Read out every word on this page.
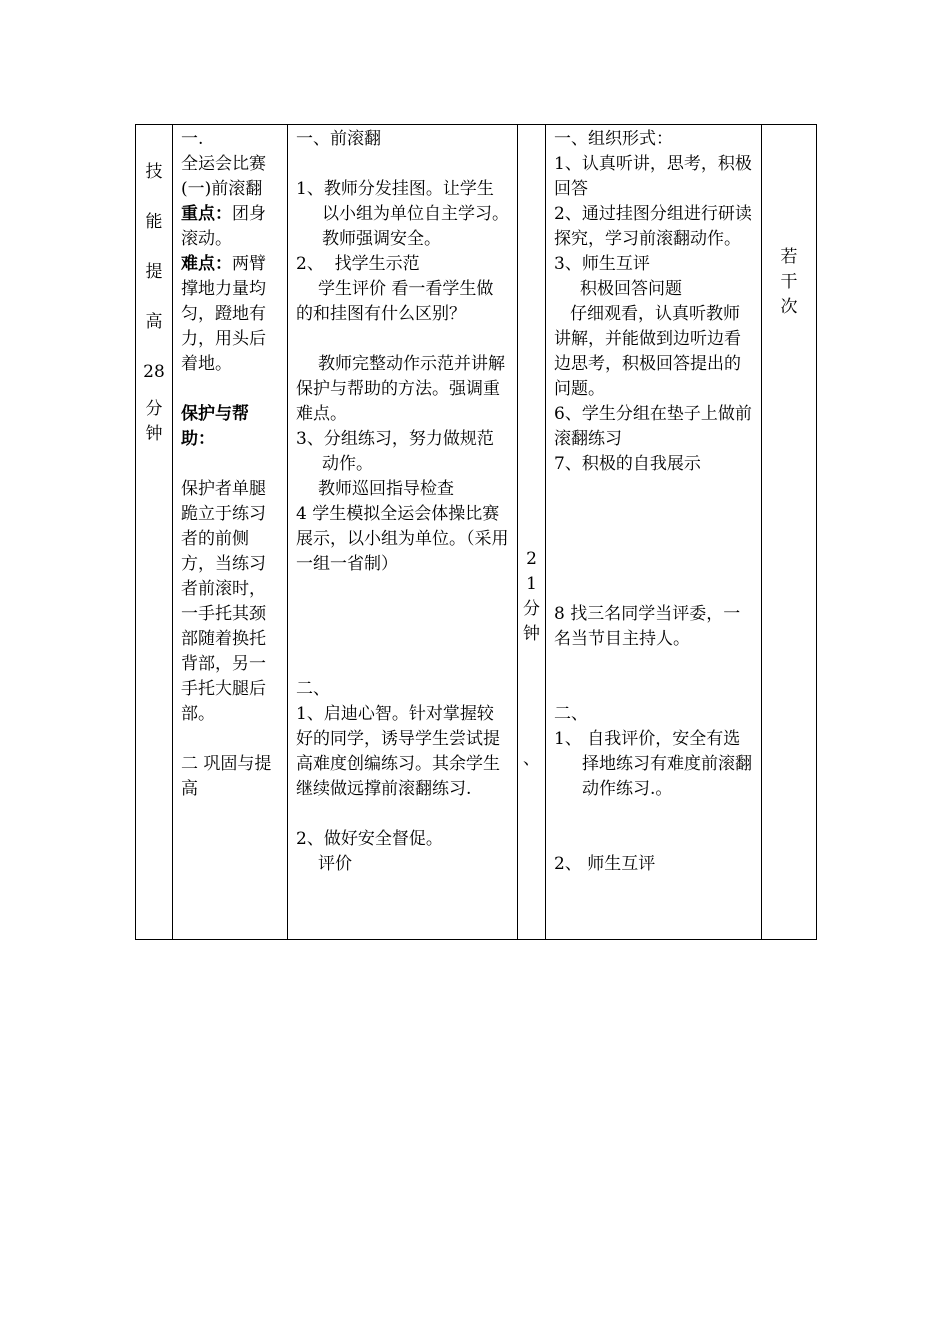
技
能
提
高
28
分
钟

一.
全运会比赛
(一)前滚翻
重点：团身滚动。
难点：两臂撑地力量均匀，蹬地有力，用头后着地。
保护与帮助：
保护者单腿跪立于练习者的前侧方，当练习者前滚时，一手托其颈部随着换托背部，另一手托大腿后部。
二 巩固与提高

一、前滚翻
1、教师分发挂图。让学生
以小组为单位自主学习。教师强调安全。
2、  找学生示范
学生评价 看一看学生做的和挂图有什么区别？
教师完整动作示范并讲解保护与帮助的方法。强调重难点。
3、分组练习，努力做规范
动作。
教师巡回指导检查
4 学生模拟全运会体操比赛展示，以小组为单位。（采用一组一省制）
二、
1、启迪心智。针对掌握较好的同学，诱导学生尝试提高难度创编练习。其余学生继续做远撑前滚翻练习.
2、做好安全督促。
评价

2
1
分
钟
、

一、组织形式：
1、认真听讲，思考，积极回答
2、通过挂图分组进行研读探究，学习前滚翻动作。
3、师生互评
积极回答问题
仔细观看，认真听教师讲解，并能做到边听边看边思考，积极回答提出的问题。
6、学生分组在垫子上做前滚翻练习
7、积极的自我展示
8 找三名同学当评委，一名当节目主持人。
二、
1、 自我评价，安全有选
择地练习有难度前滚翻动作练习.。
2、 师生互评

若
干
次
